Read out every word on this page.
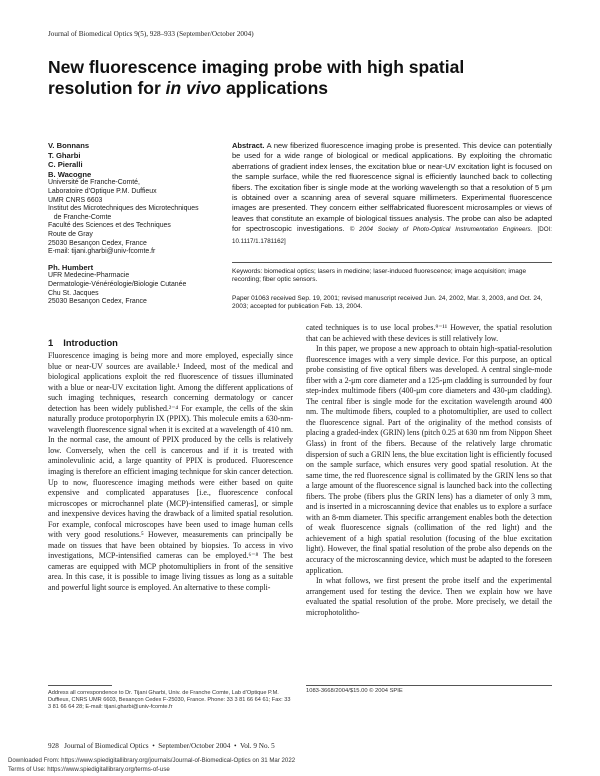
Journal of Biomedical Optics 9(5), 928–933 (September/October 2004)
New fluorescence imaging probe with high spatial resolution for in vivo applications
V. Bonnans
T. Gharbi
C. Pieralli
B. Wacogne
Université de Franche-Comté,
Laboratoire d’Optique P.M. Duffieux
UMR CNRS 6603
Institut des Microtechniques des Microtechniques
de Franche-Comte
Faculté des Sciences et des Techniques
Route de Gray
25030 Besançon Cedex, France
E-mail: tijani.gharbi@univ-fcomte.fr
Ph. Humbert
UFR Medecine-Pharmacie
Dermatologie-Vénéréologie/Biologie Cutanée
Chu St. Jacques
25030 Besançon Cedex, France
Abstract. A new fiberized fluorescence imaging probe is presented. This device can potentially be used for a wide range of biological or medical applications. By exploiting the chromatic aberrations of gradient index lenses, the excitation blue or near-UV excitation light is focused on the sample surface, while the red fluorescence signal is efficiently launched back to collecting fibers. The excitation fiber is single mode at the working wavelength so that a resolution of 5 μm is obtained over a scanning area of several square millimeters. Experimental fluorescence images are presented. They concern either selffabricated fluorescent microsamples or views of leaves that constitute an example of biological tissues analysis. The probe can also be adapted for spectroscopic investigations. © 2004 Society of Photo-Optical Instrumentation Engineers. [DOI: 10.1117/1.1781162]
Keywords: biomedical optics; lasers in medicine; laser-induced fluorescence; image acquisition; image recording; fiber optic sensors.
Paper 01063 received Sep. 19, 2001; revised manuscript received Jun. 24, 2002, Mar. 3, 2003, and Oct. 24, 2003; accepted for publication Feb. 13, 2004.
1 Introduction

Fluorescence imaging is being more and more employed, especially since blue or near-UV sources are available.¹ Indeed, most of the medical and biological applications exploit the red fluorescence of tissues illuminated with a blue or near-UV excitation light. Among the different applications of such imaging techniques, research concerning dermatology or cancer detection has been widely published.²⁻⁴ For example, the cells of the skin naturally produce protoporphyrin IX (PPIX). This molecule emits a 630-nm-wavelength fluorescence signal when it is excited at a wavelength of 410 nm. In the normal case, the amount of PPIX produced by the cells is relatively low. Conversely, when the cell is cancerous and if it is treated with aminolevulinic acid, a large quantity of PPIX is produced. Fluorescence imaging is therefore an efficient imaging technique for skin cancer detection. Up to now, fluorescence imaging methods were either based on quite expensive and complicated apparatuses [i.e., fluorescence confocal microscopes or microchannel plate (MCP)-intensified cameras], or simple and inexpensive devices having the drawback of a limited spatial resolution. For example, confocal microscopes have been used to image human cells with very good resolutions.⁵ However, measurements can principally be made on tissues that have been obtained by biopsies. To access in vivo investigations, MCP-intensified cameras can be employed.⁶⁻⁸ The best cameras are equipped with MCP photomultipliers in front of the sensitive area. In this case, it is possible to image living tissues as long as a suitable and powerful light source is employed. An alternative to these compli-

cated techniques is to use local probes.⁹⁻¹¹ However, the spatial resolution that can be achieved with these devices is still relatively low.

In this paper, we propose a new approach to obtain high-spatial-resolution fluorescence images with a very simple device. For this purpose, an optical probe consisting of five optical fibers was developed. A central single-mode fiber with a 2-μm core diameter and a 125-μm cladding is surrounded by four step-index multimode fibers (400-μm core diameters and 430-μm cladding). The central fiber is single mode for the excitation wavelength around 400 nm. The multimode fibers, coupled to a photomultiplier, are used to collect the fluorescence signal. Part of the originality of the method consists of placing a graded-index (GRIN) lens (pitch 0.25 at 630 nm from Nippon Sheet Glass) in front of the fibers. Because of the relatively large chromatic dispersion of such a GRIN lens, the blue excitation light is efficiently focused on the sample surface, which ensures very good spatial resolution. At the same time, the red fluorescence signal is collimated by the GRIN lens so that a large amount of the fluorescence signal is launched back into the collecting fibers. The probe (fibers plus the GRIN lens) has a diameter of only 3 mm, and is inserted in a microscanning device that enables us to explore a surface with an 8-mm diameter. This specific arrangement enables both the detection of weak fluorescence signals (collimation of the red light) and the achievement of a high spatial resolution (focusing of the blue excitation light). However, the final spatial resolution of the probe also depends on the accuracy of the microscanning device, which must be adapted to the foreseen application.

In what follows, we first present the probe itself and the experimental arrangement used for testing the device. Then we explain how we have evaluated the spatial resolution of the probe. More precisely, we detail the microphotolitho-

Address all correspondence to Dr. Tijani Gharbi, Univ. de Franche Comte, Lab d’Optique P.M. Duffieux, CNRS UMR 6603, Besançon Cedex F-25030, France. Phone: 33 3 81 66 64 61; Fax: 33 3 81 66 64 28; E-mail: tijani.gharbi@univ-fcomte.fr
1083-3668/2004/$15.00 © 2004 SPIE
928   Journal of Biomedical Optics  •  September/October 2004  •  Vol. 9 No. 5
Downloaded From: https://www.spiedigitallibrary.org/journals/Journal-of-Biomedical-Optics on 31 Mar 2022
Terms of Use: https://www.spiedigitallibrary.org/terms-of-use
